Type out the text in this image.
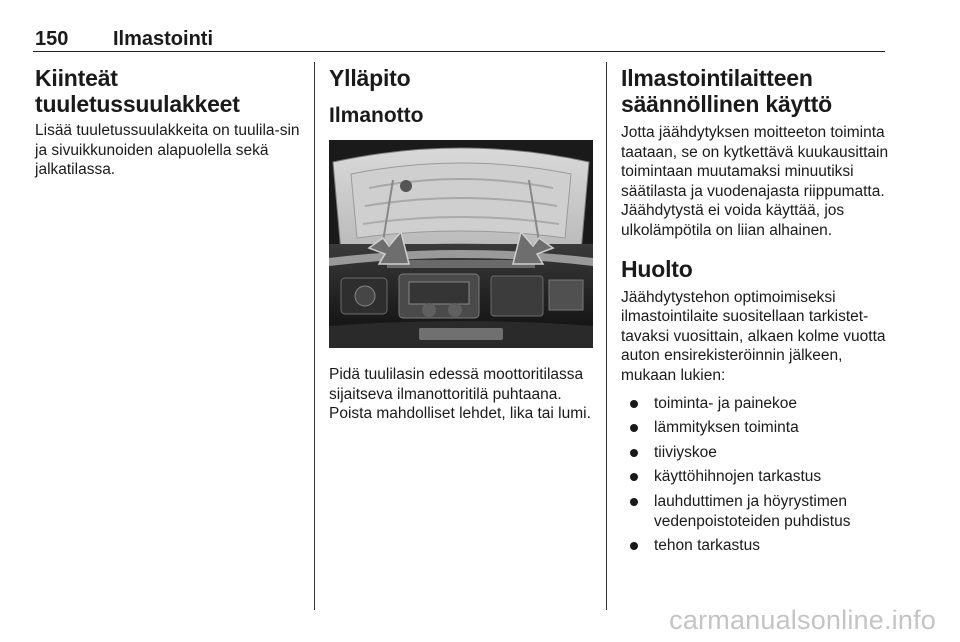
150 Ilmastointi
Kiinteät tuuletussuulakkeet

Lisää tuuletussuulakkeita on tuulila-sin ja sivuikkunoiden alapuolella sekä jalkatilassa.

Ylläpito
Ilmanotto

Pidä tuulilasin edessä moottoritilassa sijaitseva ilmanottoritilä puhtaana. Poista mahdolliset lehdet, lika tai lumi.

Ilmastointilaitteen säännöllinen käyttö

Jotta jäähdytyksen moitteeton toiminta taataan, se on kytkettävä kuukausittain toimintaan muutamaksi minuutiksi säätilasta ja vuodenajasta riippumatta. Jäähdytystä ei voida käyttää, jos ulkolämpötila on liian alhainen.

Huolto

Jäähdytystehon optimoimiseksi ilmastointilaite suositellaan tarkistet-tavaksi vuosittain, alkaen kolme vuotta auton ensirekisteröinnin jälkeen, mukaan lukien:

toiminta- ja painekoe
lämmityksen toiminta
tiiviyskoe
käyttöhihnojen tarkastus
lauhduttimen ja höyrystimen vedenpoistoteiden puhdistus
tehon tarkastus
carmanualsonline.info
